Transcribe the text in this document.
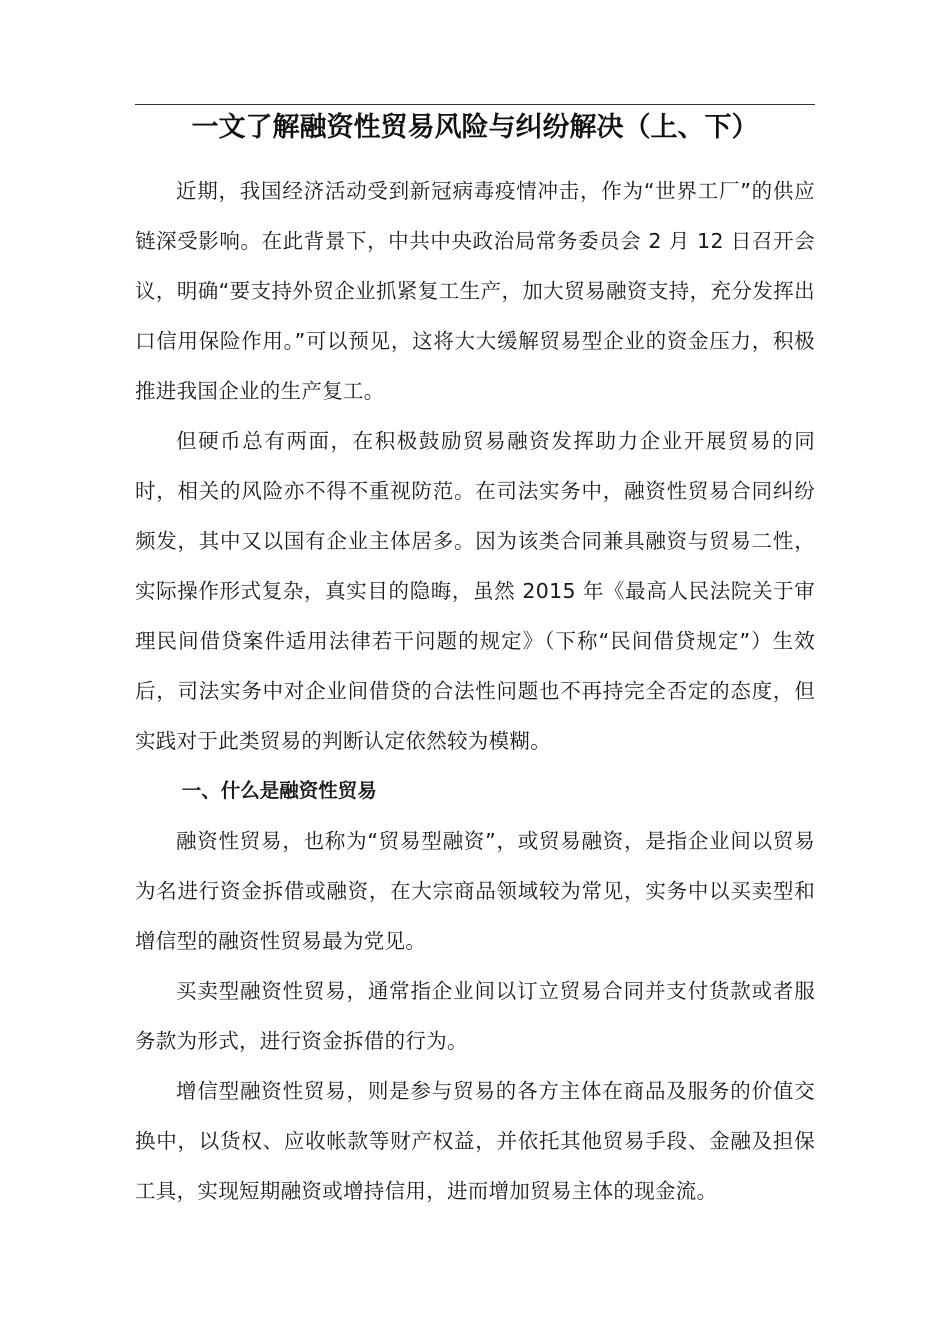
一文了解融资性贸易风险与纠纷解决（上、下）

近期，我国经济活动受到新冠病毒疫情冲击，作为“世界工厂”的供应链深受影响。在此背景下，中共中央政治局常务委员会 2 月 12 日召开会议，明确“要支持外贸企业抓紧复工生产，加大贸易融资支持，充分发挥出口信用保险作用。”可以预见，这将大大缓解贸易型企业的资金压力，积极推进我国企业的生产复工。

但硬币总有两面，在积极鼓励贸易融资发挥助力企业开展贸易的同时，相关的风险亦不得不重视防范。在司法实务中，融资性贸易合同纠纷频发，其中又以国有企业主体居多。因为该类合同兼具融资与贸易二性，实际操作形式复杂，真实目的隐晦，虽然 2015 年《最高人民法院关于审理民间借贷案件适用法律若干问题的规定》（下称“民间借贷规定”）生效后，司法实务中对企业间借贷的合法性问题也不再持完全否定的态度，但实践对于此类贸易的判断认定依然较为模糊。

一、什么是融资性贸易

融资性贸易，也称为“贸易型融资”，或贸易融资，是指企业间以贸易为名进行资金拆借或融资，在大宗商品领域较为常见，实务中以买卖型和增信型的融资性贸易最为党见。

买卖型融资性贸易，通常指企业间以订立贸易合同并支付货款或者服务款为形式，进行资金拆借的行为。

增信型融资性贸易，则是参与贸易的各方主体在商品及服务的价值交换中，以货权、应收帐款等财产权益，并依托其他贸易手段、金融及担保工具，实现短期融资或增持信用，进而增加贸易主体的现金流。
